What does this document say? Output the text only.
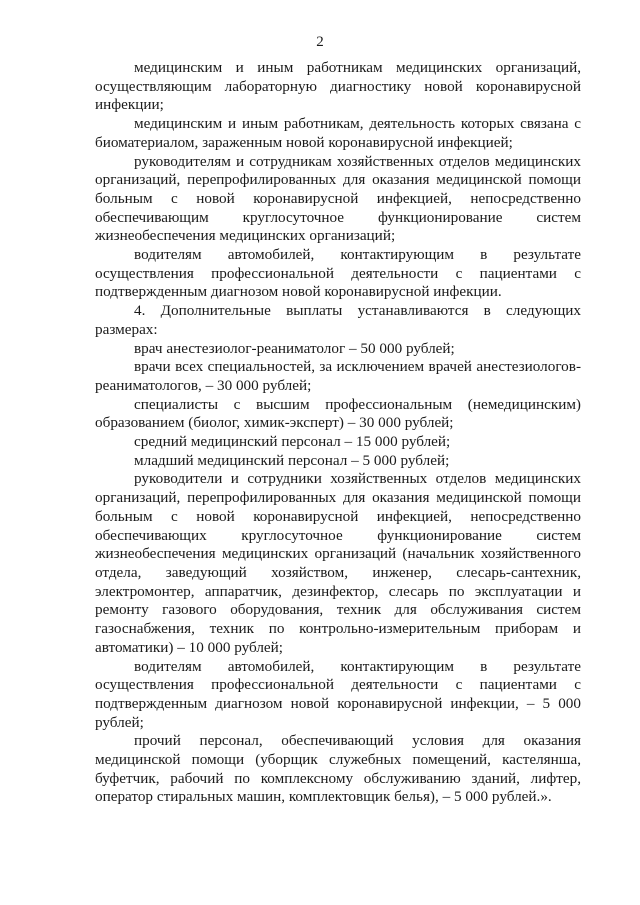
2

медицинским и иным работникам медицинских организаций, осуществляющим лабораторную диагностику новой коронавирусной инфекции;

медицинским и иным работникам, деятельность которых связана с биоматериалом, зараженным новой коронавирусной инфекцией;

руководителям и сотрудникам хозяйственных отделов медицинских организаций, перепрофилированных для оказания медицинской помощи больным с новой коронавирусной инфекцией, непосредственно обеспечивающим круглосуточное функционирование систем жизнеобеспечения медицинских организаций;

водителям автомобилей, контактирующим в результате осуществления профессиональной деятельности с пациентами с подтвержденным диагнозом новой коронавирусной инфекции.

4. Дополнительные выплаты устанавливаются в следующих размерах:

врач анестезиолог-реаниматолог – 50 000 рублей;

врачи всех специальностей, за исключением врачей анестезиологов-реаниматологов, – 30 000 рублей;

специалисты с высшим профессиональным (немедицинским) образованием (биолог, химик-эксперт) – 30 000 рублей;

средний медицинский персонал – 15 000 рублей;

младший медицинский персонал – 5 000 рублей;

руководители и сотрудники хозяйственных отделов медицинских организаций, перепрофилированных для оказания медицинской помощи больным с новой коронавирусной инфекцией, непосредственно обеспечивающих круглосуточное функционирование систем жизнеобеспечения медицинских организаций (начальник хозяйственного отдела, заведующий хозяйством, инженер, слесарь-сантехник, электромонтер, аппаратчик, дезинфектор, слесарь по эксплуатации и ремонту газового оборудования, техник для обслуживания систем газоснабжения, техник по контрольно-измерительным приборам и автоматики) – 10 000 рублей;

водителям автомобилей, контактирующим в результате осуществления профессиональной деятельности с пациентами с подтвержденным диагнозом новой коронавирусной инфекции, – 5 000 рублей;

прочий персонал, обеспечивающий условия для оказания медицинской помощи (уборщик служебных помещений, кастелянша, буфетчик, рабочий по комплексному обслуживанию зданий, лифтер, оператор стиральных машин, комплектовщик белья), – 5 000 рублей.».
